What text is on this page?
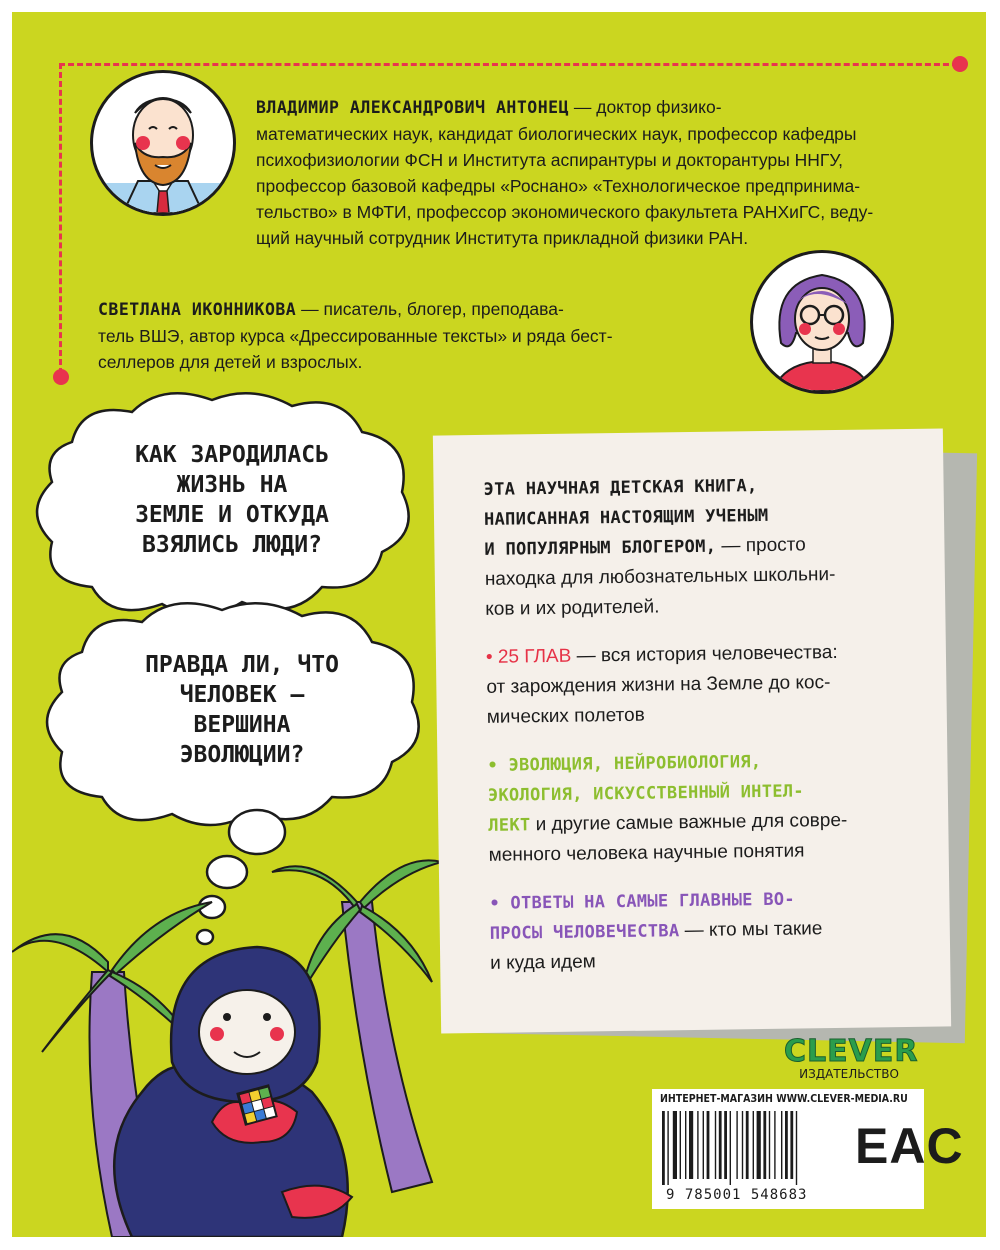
ВЛАДИМИР АЛЕКСАНДРОВИЧ АНТОНЕЦ — доктор физико-
математических наук, кандидат биологических наук, профессор кафедры
психофизиологии ФСН и Института аспирантуры и докторантуры ННГУ,
профессор базовой кафедры «Роснано» «Технологическое предпринима-
тельство» в МФТИ, профессор экономического факультета РАНХиГС, веду-
щий научный сотрудник Института прикладной физики РАН.

СВЕТЛАНА ИКОННИКОВА — писатель, блогер, преподава-
тель ВШЭ, автор курса «Дрессированные тексты» и ряда бест-
селлеров для детей и взрослых.

КАК ЗАРОДИЛАСЬ
ЖИЗНЬ НА
ЗЕМЛЕ И ОТКУДА
ВЗЯЛИСЬ ЛЮДИ?

ПРАВДА ЛИ, ЧТО
ЧЕЛОВЕК —
ВЕРШИНА
ЭВОЛЮЦИИ?

ЭТА НАУЧНАЯ ДЕТСКАЯ КНИГА,
НАПИСАННАЯ НАСТОЯЩИМ УЧЕНЫМ
И ПОПУЛЯРНЫМ БЛОГЕРОМ, — просто
находка для любознательных школьни-
ков и их родителей.

• 25 ГЛАВ — вся история человечества:
от зарождения жизни на Земле до кос-
мических полетов

• ЭВОЛЮЦИЯ, НЕЙРОБИОЛОГИЯ,
ЭКОЛОГИЯ, ИСКУССТВЕННЫЙ ИНТЕЛ-
ЛЕКТ и другие самые важные для совре-
менного человека научные понятия

• ОТВЕТЫ НА САМЫЕ ГЛАВНЫЕ ВО-
ПРОСЫ ЧЕЛОВЕЧЕСТВА — кто мы такие
и куда идем

CLEVER
ИЗДАТЕЛЬСТВО
ИНТЕРНЕТ-МАГАЗИН WWW.CLEVER-MEDIA.RU
9 785001 548683
EAC
